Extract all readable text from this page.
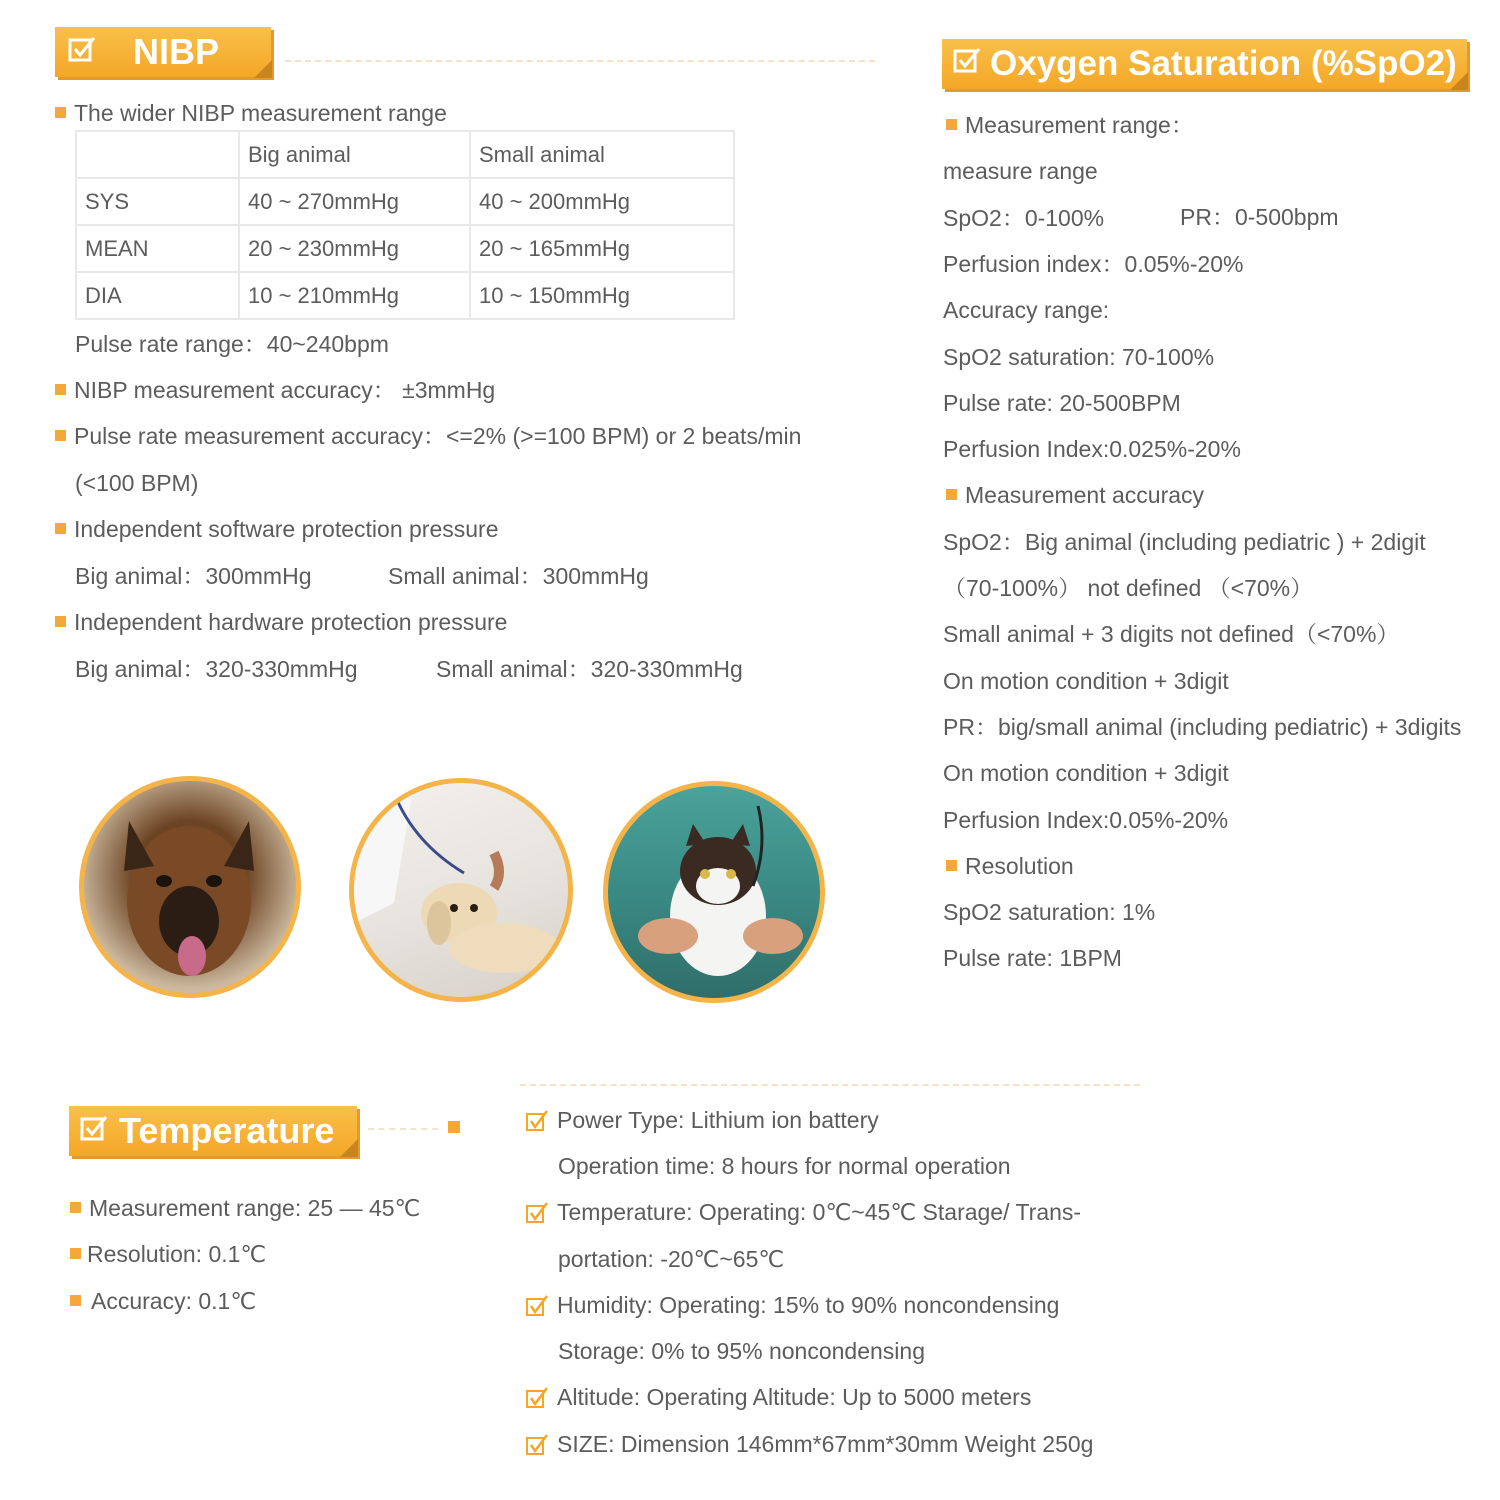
NIBP
The wider NIBP measurement range
	Big animal	Small animal
SYS	40 ~ 270mmHg	40 ~ 200mmHg
MEAN	20 ~ 230mmHg	20 ~ 165mmHg
DIA	10 ~ 210mmHg	10 ~ 150mmHg
Pulse rate range：40~240bpm
NIBP measurement accuracy： ±3mmHg
Pulse rate measurement accuracy：<=2% (>=100 BPM) or 2 beats/min
(<100 BPM)
Independent software protection pressure
Big animal：300mmHg	Small animal：300mmHg
Independent hardware protection pressure
Big animal：320-330mmHg	Small animal：320-330mmHg
Oxygen Saturation (%SpO2)
Measurement range：
measure range
SpO2：0-100%
Perfusion index：0.05%-20%
Accuracy range:
SpO2 saturation: 70-100%
Pulse rate: 20-500BPM
Perfusion Index:0.025%-20%
Measurement accuracy
SpO2：Big animal (including pediatric ) + 2digit
（70-100%） not defined （<70%）
Small animal + 3 digits not defined（<70%）
On motion condition + 3digit
PR：big/small animal (including pediatric) + 3digits
On motion condition + 3digit
Perfusion Index:0.05%-20%
Resolution
SpO2 saturation: 1%
Pulse rate: 1BPM
PR：0-500bpm
Temperature
Measurement range: 25 — 45℃
Resolution: 0.1℃
Accuracy: 0.1℃
Power Type: Lithium ion battery
Operation time: 8 hours for normal operation
Temperature: Operating: 0℃~45℃ Starage/ Trans-
portation: -20℃~65℃
Humidity: Operating: 15% to 90% noncondensing
Storage: 0% to 95% noncondensing
Altitude: Operating Altitude: Up to 5000 meters
SIZE: Dimension 146mm*67mm*30mm Weight 250g
